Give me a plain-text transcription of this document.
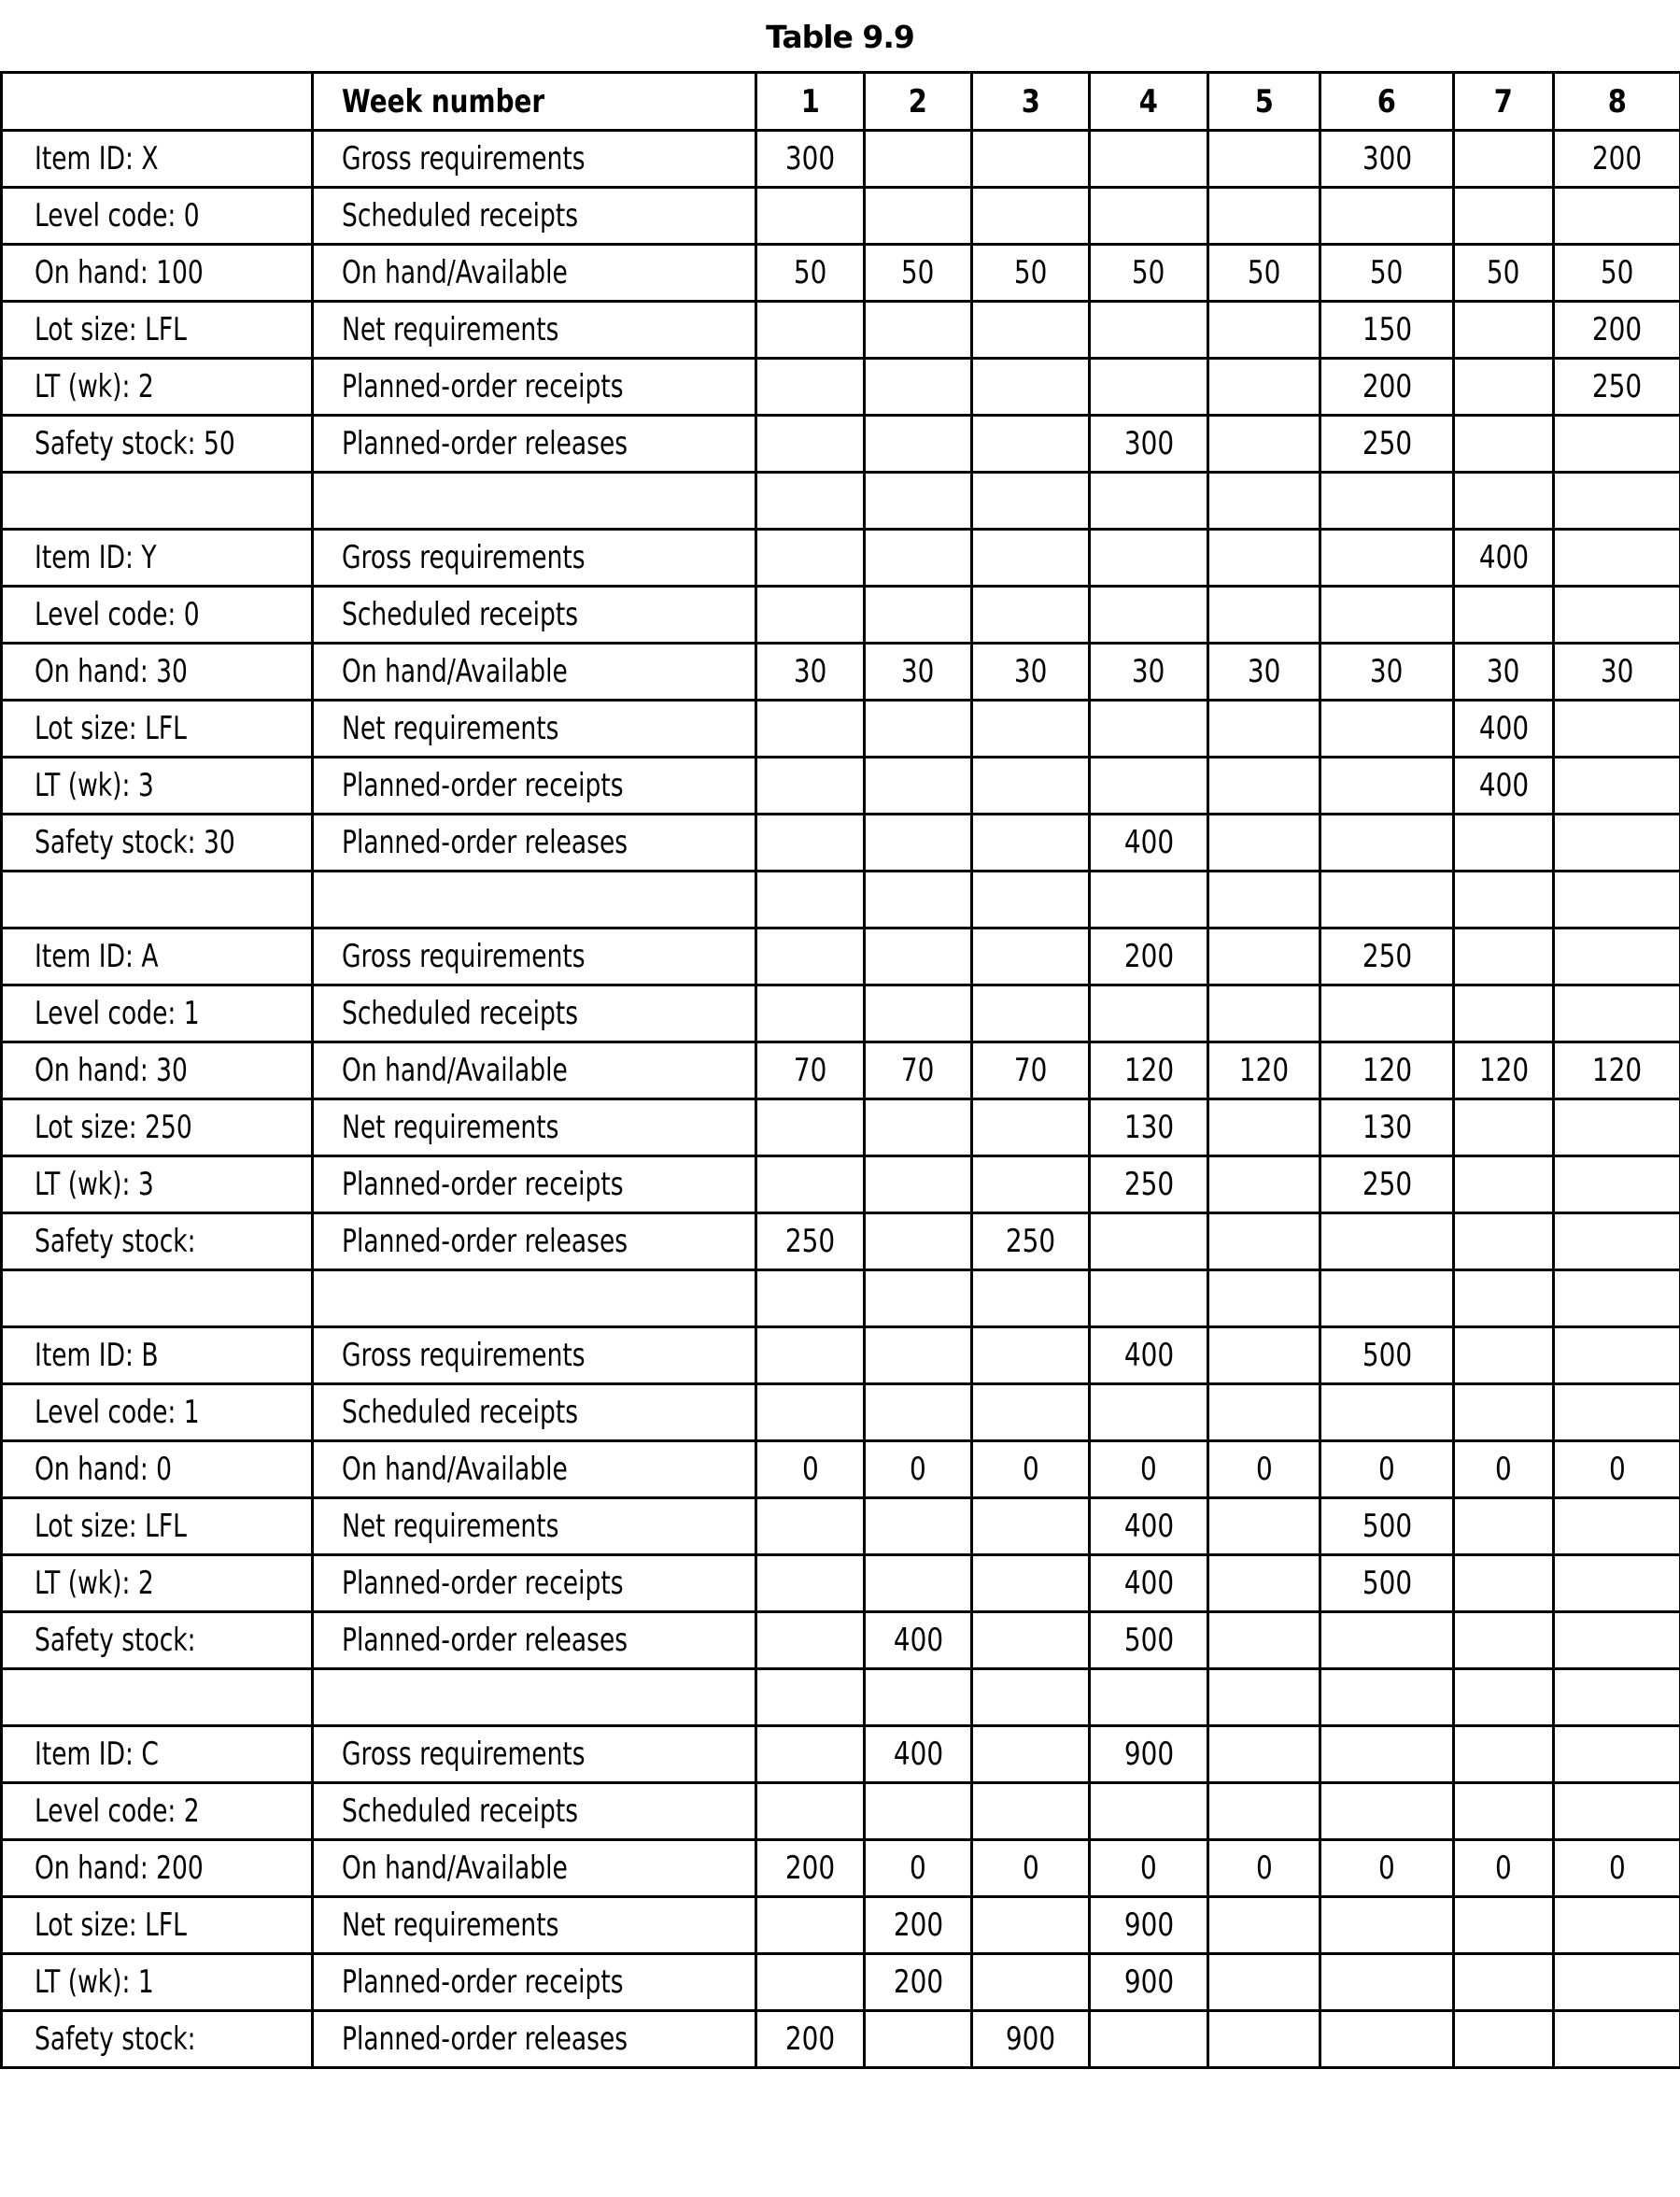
Table 9.9
	Week number	1	2	3	4	5	6	7	8
Item ID: X	Gross requirements	300					300		200
Level code: 0	Scheduled receipts								
On hand: 100	On hand/Available	50	50	50	50	50	50	50	50
Lot size: LFL	Net requirements						150		200
LT (wk): 2	Planned-order receipts						200		250
Safety stock: 50	Planned-order releases				300		250		

Item ID: Y	Gross requirements							400	
Level code: 0	Scheduled receipts								
On hand: 30	On hand/Available	30	30	30	30	30	30	30	30
Lot size: LFL	Net requirements							400	
LT (wk): 3	Planned-order receipts							400	
Safety stock: 30	Planned-order releases				400				

Item ID: A	Gross requirements				200		250		
Level code: 1	Scheduled receipts								
On hand: 30	On hand/Available	70	70	70	120	120	120	120	120
Lot size: 250	Net requirements				130		130		
LT (wk): 3	Planned-order receipts				250		250		
Safety stock:	Planned-order releases	250		250					

Item ID: B	Gross requirements				400		500		
Level code: 1	Scheduled receipts								
On hand: 0	On hand/Available	0	0	0	0	0	0	0	0
Lot size: LFL	Net requirements				400		500		
LT (wk): 2	Planned-order receipts				400		500		
Safety stock:	Planned-order releases		400		500				

Item ID: C	Gross requirements		400		900				
Level code: 2	Scheduled receipts								
On hand: 200	On hand/Available	200	0	0	0	0	0	0	0
Lot size: LFL	Net requirements		200		900				
LT (wk): 1	Planned-order receipts		200		900				
Safety stock:	Planned-order releases	200		900					
